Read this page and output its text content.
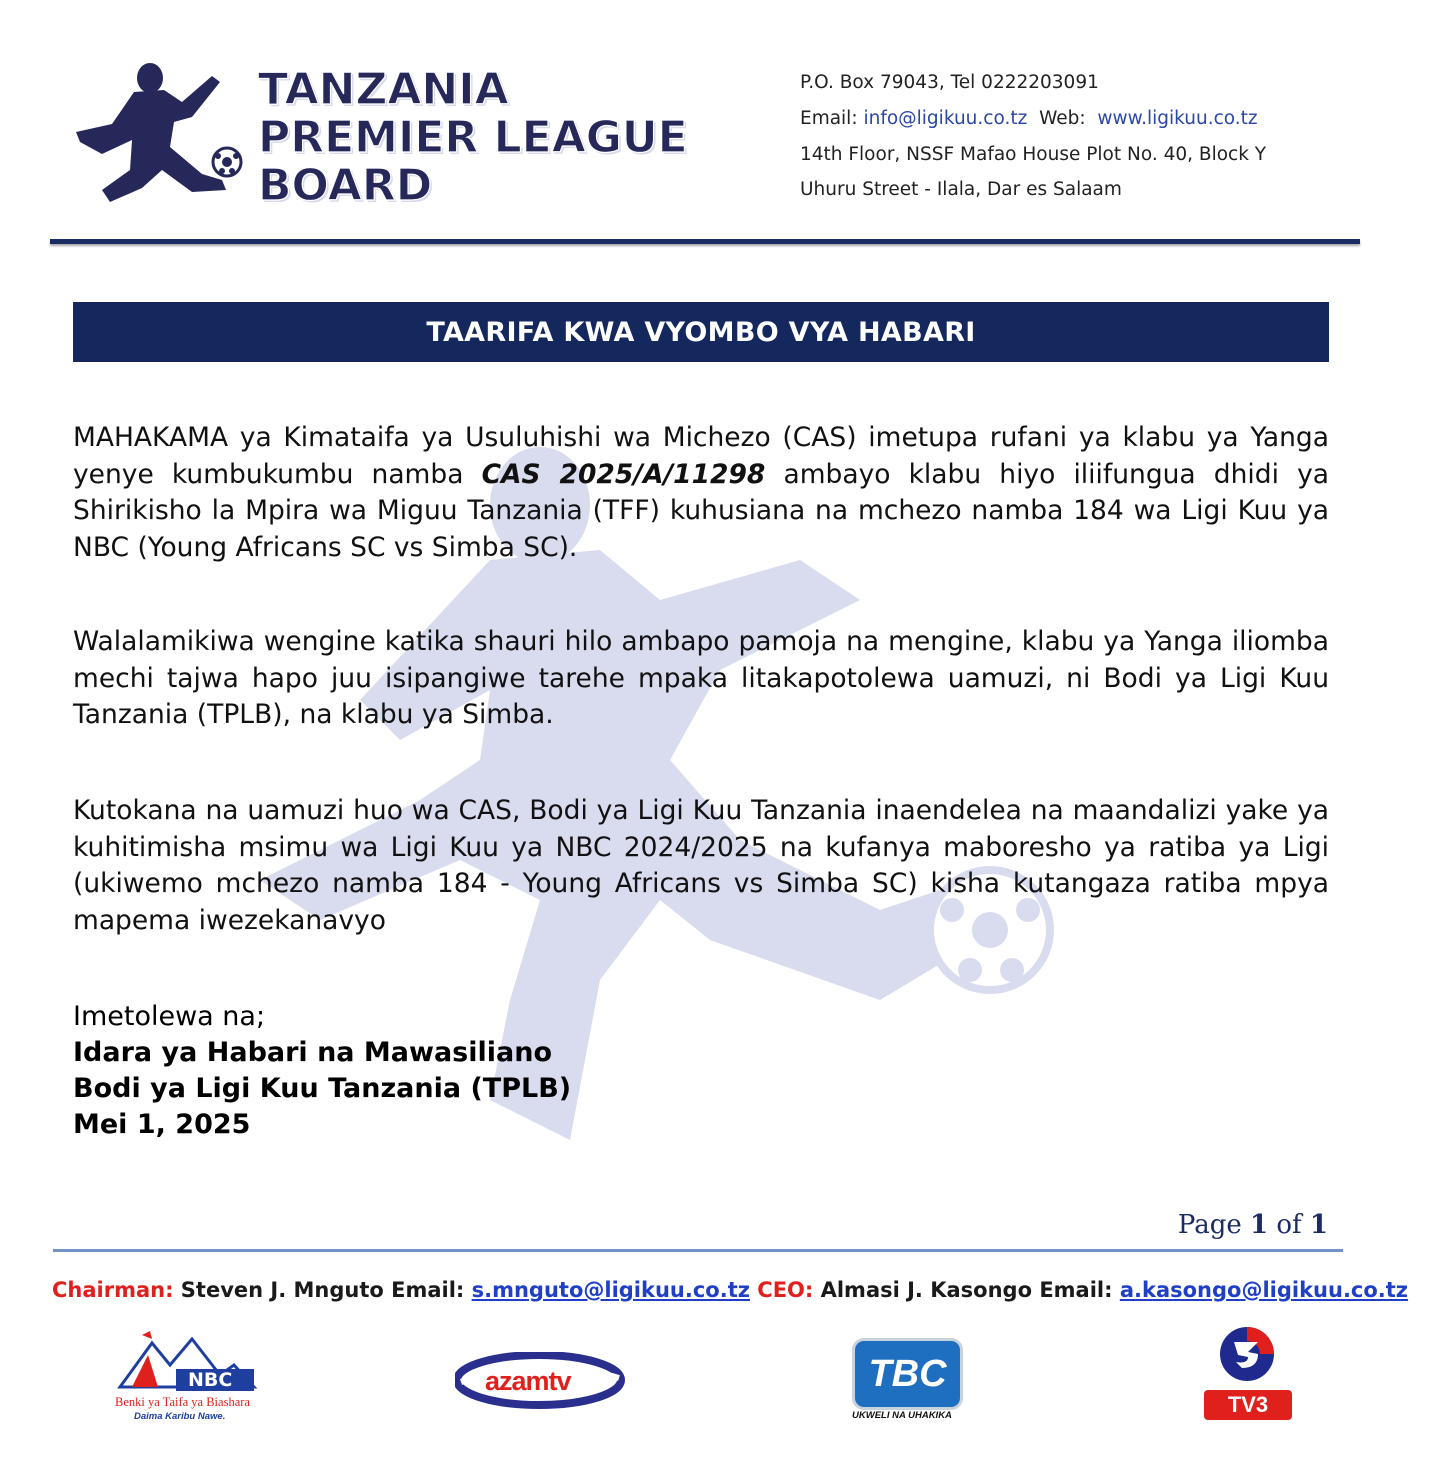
TANZANIA
PREMIER LEAGUE
BOARD
P.O. Box 79043, Tel 0222203091
Email: info@ligikuu.co.tz  Web:  www.ligikuu.co.tz
14th Floor, NSSF Mafao House Plot No. 40, Block Y
Uhuru Street - Ilala, Dar es Salaam
TAARIFA KWA VYOMBO VYA HABARI
MAHAKAMA ya Kimataifa ya Usuluhishi wa Michezo (CAS) imetupa rufani ya klabu ya Yanga yenye kumbukumbu namba CAS 2025/A/11298 ambayo klabu hiyo iliifungua dhidi ya Shirikisho la Mpira wa Miguu Tanzania (TFF) kuhusiana na mchezo namba 184 wa Ligi Kuu ya NBC (Young Africans SC vs Simba SC).
Walalamikiwa wengine katika shauri hilo ambapo pamoja na mengine, klabu ya Yanga iliomba mechi tajwa hapo juu isipangiwe tarehe mpaka litakapotolewa uamuzi, ni Bodi ya Ligi Kuu Tanzania (TPLB), na klabu ya Simba.
Kutokana na uamuzi huo wa CAS, Bodi ya Ligi Kuu Tanzania inaendelea na maandalizi yake ya kuhitimisha msimu wa Ligi Kuu ya NBC 2024/2025 na kufanya maboresho ya ratiba ya Ligi (ukiwemo mchezo namba 184 - Young Africans vs Simba SC) kisha kutangaza ratiba mpya mapema iwezekanavyo
Imetolewa na;
Idara ya Habari na Mawasiliano
Bodi ya Ligi Kuu Tanzania (TPLB)
Mei 1, 2025
Page 1 of 1
Chairman: Steven J. Mnguto Email: s.mnguto@ligikuu.co.tz CEO: Almasi J. Kasongo Email: a.kasongo@ligikuu.co.tz
NBC
Benki ya Taifa ya Biashara
Daima Karibu Nawe.
azamtv	TBC
UKWELI NA UHAKIKA	TV3
